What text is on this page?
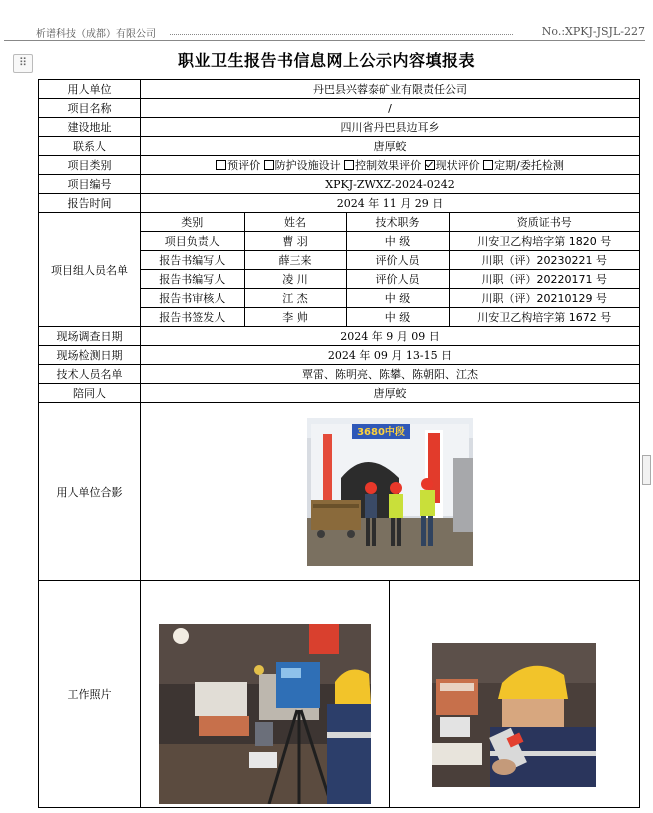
析谱科技（成都）有限公司	No.:XPKJ-JSJL-227
⠿	职业卫生报告书信息网上公示内容填报表
用人单位	丹巴县兴蓉泰矿业有限责任公司
项目名称	/
建设地址	四川省丹巴县边耳乡
联系人	唐厚蛟
项目类别	预评价 防护设施设计 控制效果评价 现状评价 定期/委托检测
项目编号	XPKJ-ZWXZ-2024-0242
报告时间	2024 年 11 月 29 日
项目组人员名单	
类别	姓名	技术职务	资质证书号
项目负责人	曹 羽	中 级	川安卫乙构培字第 1820 号
报告书编写人	薛三来	评价人员	川职（评）20230221 号
报告书编写人	凌 川	评价人员	川职（评）20220171 号
报告书审核人	江 杰	中 级	川职（评）20210129 号
报告书签发人	李 帅	中 级	川安卫乙构培字第 1672 号

现场调查日期	2024 年 9 月 09 日
现场检测日期	2024 年 09 月 13-15 日
技术人员名单	覃雷、陈明亮、陈攀、陈朝阳、江杰
陪同人	唐厚蛟
用人单位合影	
3680中段

工作照片	
